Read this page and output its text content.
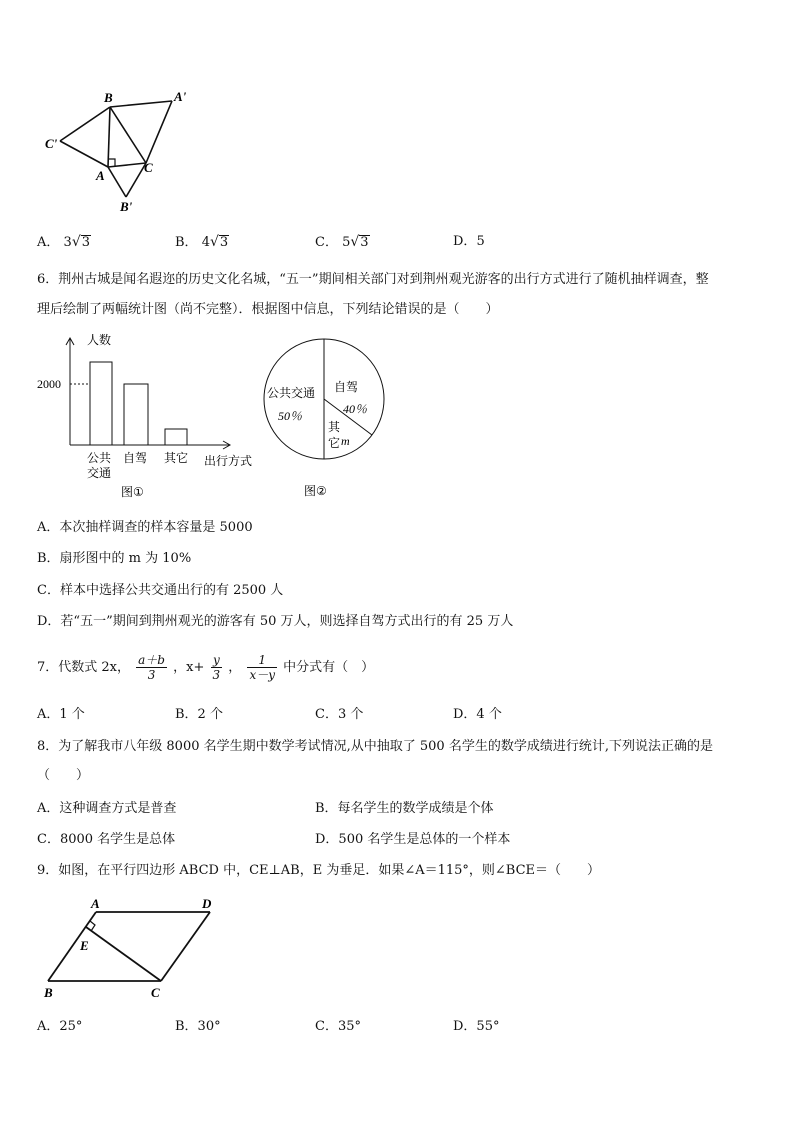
B	A'
C'
A
C
B'
A． 3√3	B． 4√3	C． 5√3	D．5
6．荆州古城是闻名遐迩的历史文化名城，“五一”期间相关部门对到荆州观光游客的出行方式进行了随机抽样调查，整
理后绘制了两幅统计图（尚不完整）．根据图中信息，下列结论错误的是（　　）
人数
2000
公共
交通
自驾 其它 出行方式
图①
公共交通
50％
自驾
40％
其
它 m
图②
A．本次抽样调查的样本容量是 5000
B．扇形图中的 m 为 10%
C．样本中选择公共交通出行的有 2500 人
D．若“五一”期间到荆州观光的游客有 50 万人，则选择自驾方式出行的有 25 万人
7．代数式 2x， $\frac{a+b}{3}$ ，$x+ \frac{y}{3}$ ， $\frac{1}{x-y}$ 中分式有（　）
A．1 个	B．2 个	C．3 个	D．4 个
8．为了解我市八年级 8000 名学生期中数学考试情况,从中抽取了 500 名学生的数学成绩进行统计,下列说法正确的是
（　　）
A．这种调查方式是普查	B．每名学生的数学成绩是个体
C．8000 名学生是总体	D．500 名学生是总体的一个样本
9．如图，在平行四边形 ABCD 中，CE⊥AB，E 为垂足．如果∠A＝115°，则∠BCE＝（　　）
A	D
E
B	C
A．25°	B．30°	C．35°	D．55°
